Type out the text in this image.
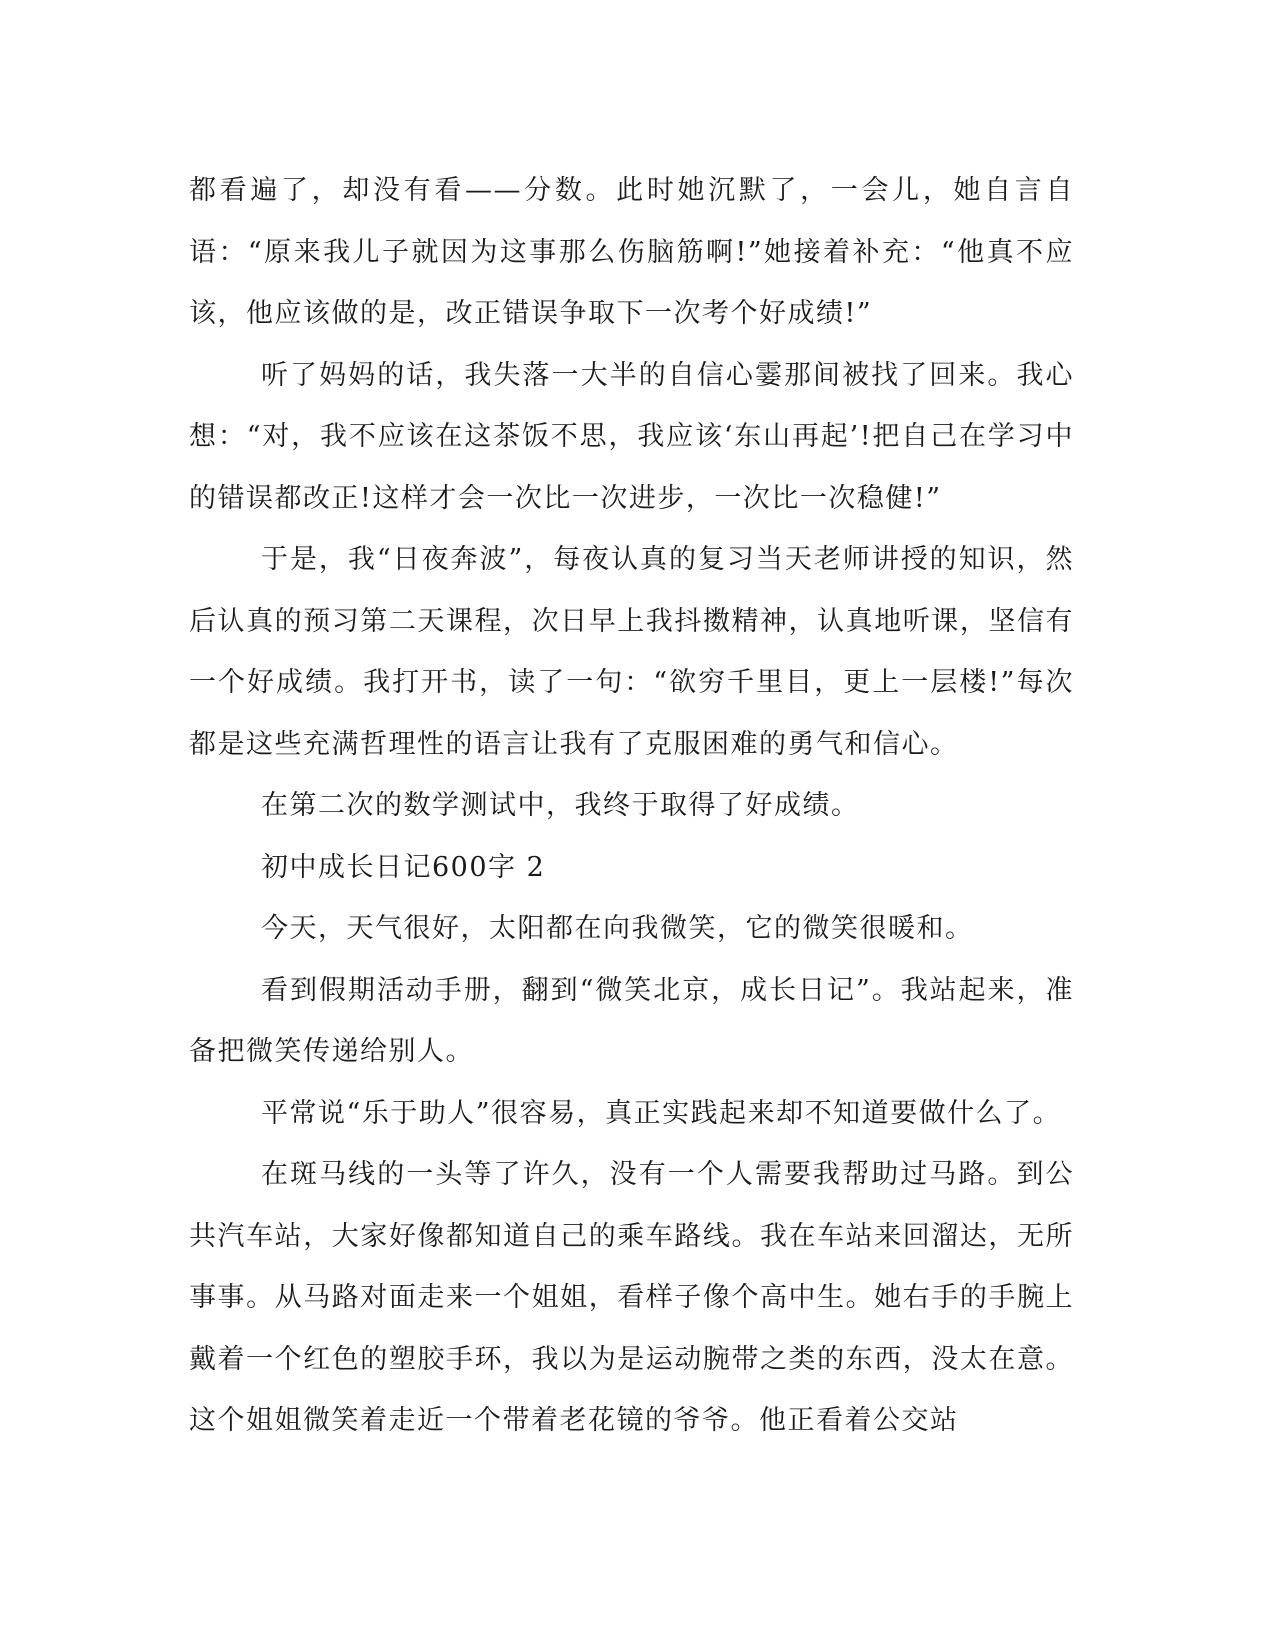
都看遍了，却没有看——分数。此时她沉默了，一会儿，她自言自语：“原来我儿子就因为这事那么伤脑筋啊!”她接着补充：“他真不应该，他应该做的是，改正错误争取下一次考个好成绩!”

听了妈妈的话，我失落一大半的自信心霎那间被找了回来。我心想：“对，我不应该在这茶饭不思，我应该‘东山再起’!把自己在学习中的错误都改正!这样才会一次比一次进步，一次比一次稳健!”

于是，我“日夜奔波”，每夜认真的复习当天老师讲授的知识，然后认真的预习第二天课程，次日早上我抖擞精神，认真地听课，坚信有一个好成绩。我打开书，读了一句：“欲穷千里目，更上一层楼!”每次都是这些充满哲理性的语言让我有了克服困难的勇气和信心。

在第二次的数学测试中，我终于取得了好成绩。

初中成长日记600字 2

今天，天气很好，太阳都在向我微笑，它的微笑很暖和。

看到假期活动手册，翻到“微笑北京，成长日记”。我站起来，准备把微笑传递给别人。

平常说“乐于助人”很容易，真正实践起来却不知道要做什么了。

在斑马线的一头等了许久，没有一个人需要我帮助过马路。到公共汽车站，大家好像都知道自己的乘车路线。我在车站来回溜达，无所事事。从马路对面走来一个姐姐，看样子像个高中生。她右手的手腕上戴着一个红色的塑胶手环，我以为是运动腕带之类的东西，没太在意。这个姐姐微笑着走近一个带着老花镜的爷爷。他正看着公交站
